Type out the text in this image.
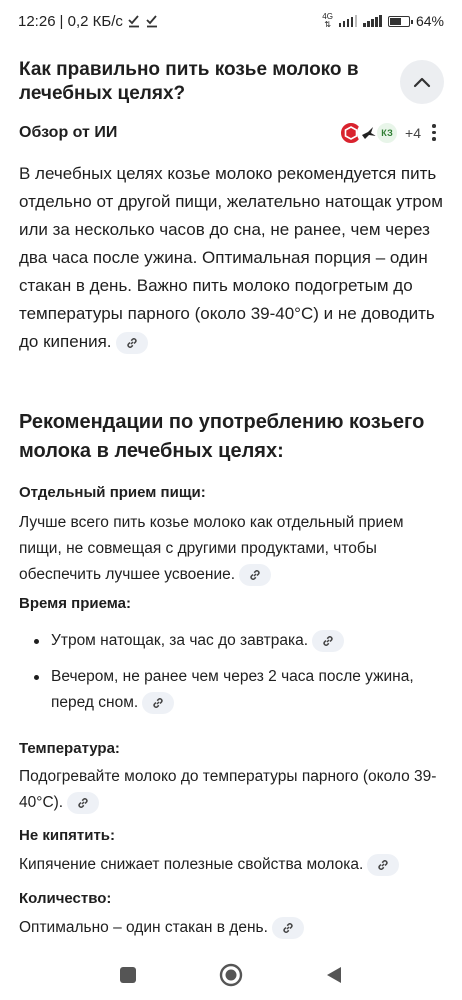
12:26 | 0,2 КБ/с	4G
⇅	64%
Как правильно пить козье молоко в лечебных целях?
Обзор от ИИ	КЗ +4
В лечебных целях козье молоко рекомендуется пить отдельно от другой пищи, желательно натощак утром или за несколько часов до сна, не ранее, чем через два часа после ужина. Оптимальная порция – один стакан в день. Важно пить молоко подогретым до температуры парного (около 39-40°C) и не доводить до кипения.
Рекомендации по употреблению козьего молока в лечебных целях:
Отдельный прием пищи:
Лучше всего пить козье молоко как отдельный прием пищи, не совмещая с другими продуктами, чтобы обеспечить лучшее усвоение.
Время приема:
Утром натощак, за час до завтрака.
Вечером, не ранее чем через 2 часа после ужина, перед сном.
Температура:
Подогревайте молоко до температуры парного (около 39-40°C).
Не кипятить:
Кипячение снижает полезные свойства молока.
Количество:
Оптимально – один стакан в день.
